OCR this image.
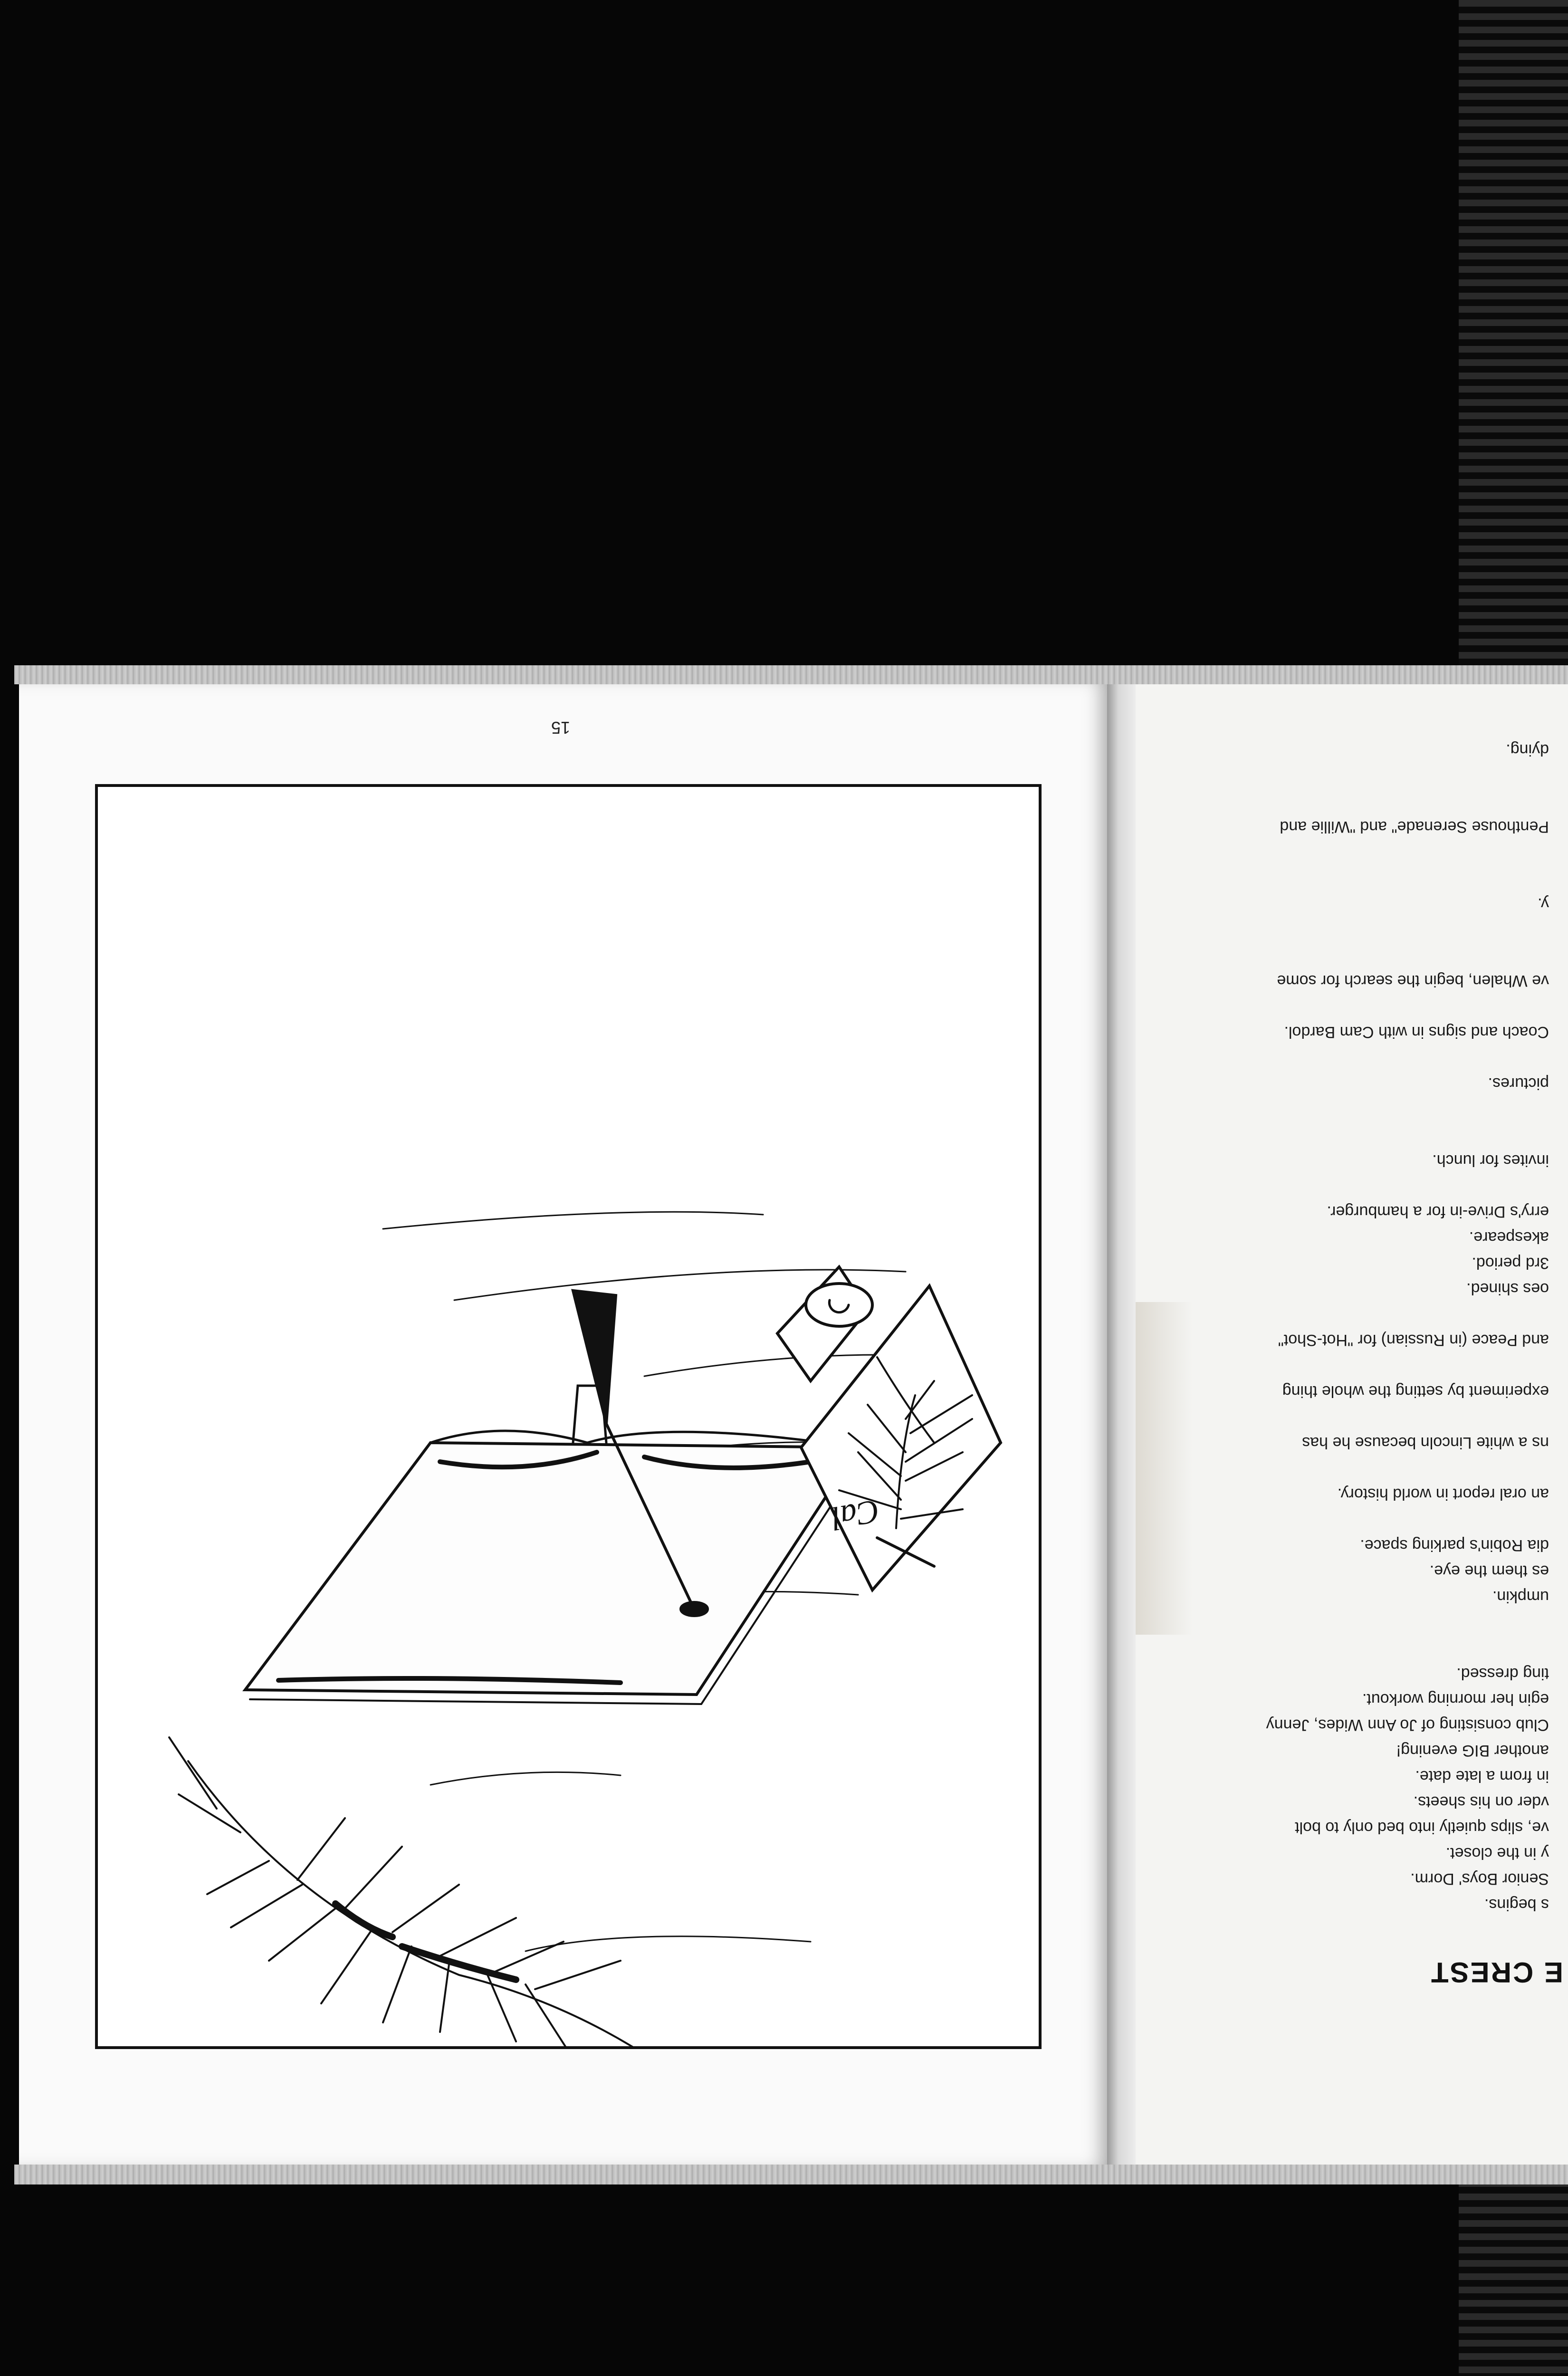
15
Cal
E CREST
s begins.
Senior Boys' Dorm.
y in the closet.
ve, slips quietly into bed only to bolt
vder on his sheets.
in from a late date.
another BIG evening!
Club consisting of Jo Ann Wides, Jenny
egin her morning workout.
ting dressed.
umpkin.
es them the eye.
dia Robin's parking space.
an oral report in world history.
ns a white Lincoln because he has
experiment by setting the whole thing
and Peace (in Russian) for "Hot-Shot"
oes shined.
3rd period.
akespeare.
erry's Drive-in for a hamburger.
invites for lunch.
pictures.
Coach and signs in with Cam Bardol.
ve Whalen, begin the search for some
y.
Penthouse Serenade" and "Willie and
dying.
